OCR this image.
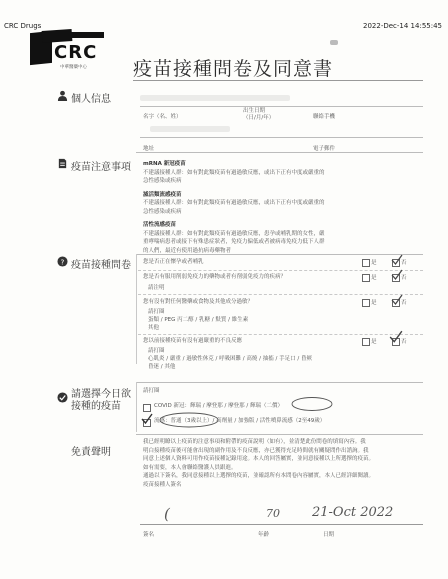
CRC Drugs	2022-Dec-14 14:55:45
CRC
中華醫藥中心 疫苗接種問卷及同意書
個人信息
名字（名、姓）
出生日期（日/月/年）	聯絡手機
地址	電子郵件
疫苗注意事項 mRNA 新冠疫苗
不建議接種人群：如有對此類疫苗有過過敏反應，或出下正有中度或嚴重的
急性感染或疾病
滅活類流感疫苗
不建議接種人群：如有對此類疫苗有過過敏反應，或出下正有中度或嚴重的
急性感染或疾病
活性流感疫苗
不建議接種人群：如有對此類疫苗有過過敏反應，患孕或哺乳期的女性，嚴
重哮喘病患者或接下有殊患症狀者，免疫力偏低或者被病毒免疫力低下人群
的人們，最近有使用過抗病毒藥物者
? 疫苗接種問卷 您是否正在懷孕或者哺乳	是	否
您是否有服用削弱免疫力的藥物或者有削弱免疫力的疾病？	是	否
請注明
您有沒有對任何醫藥或食物及其他成分過敏？	是	否
請打圈
蛋類 / PEG 丙二醇 / 乳糖 / 麩質 / 維生素
其他
您以前接種疫苗有沒有過嚴重的不良反應	是	否
請打圈
心肌炎 / 嚴重 / 過敏性休克 / 呼吸困難 / 高燒 / 抽搐 / 手足口 / 昏厥
昏迷 / 其他
請選擇今日欲
接種的疫苗
請打圈
COVID 新冠：輝瑞 / 摩登那 / 摩登那 / 輝瑞（二價）
流感：普通（3歲以上）/ 高劑量 / 加強版 / 活性噴鼻流感（2至49歲）
免責聲明
我已經明瞭以上疫苗的注意事項和附帶的疫苗說明（如有），並清楚此份問卷的填寫內容。我
明白接種疫苗後可能會出現的副作用及不良反應，亦已獲得充足時間就有關疑問作出諮詢。我
同意上述個人資料可用作疫苗接種記錄用途。本人的回答屬實，並同意接種以上所選擇的疫苗。
如有需要，本人會聯絡醫護人員跟進。
通過以下簽名，我同意接種以上選擇的疫苗，並確認所有本問卷內容屬實，本人已經詳細閱讀。
疫苗接種人簽名
(	70 21-Oct 2022
簽名	年齡	日期
